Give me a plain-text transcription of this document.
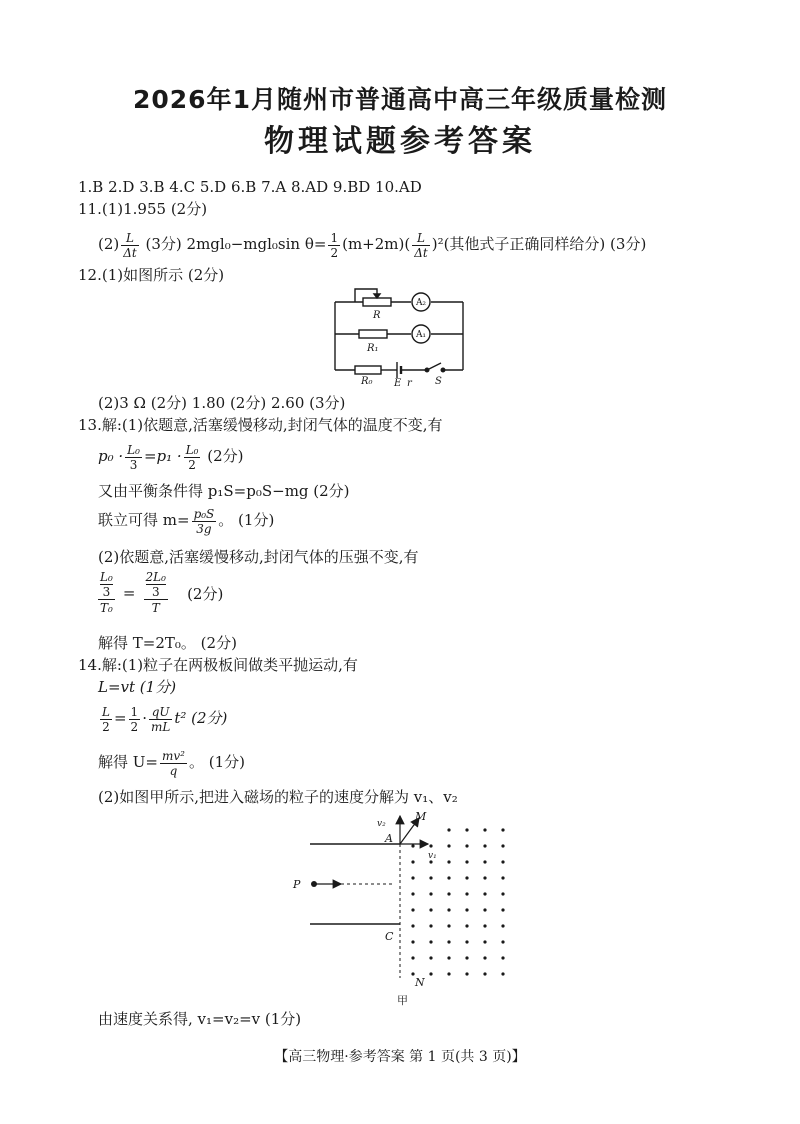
2026年1月随州市普通高中高三年级质量检测
物理试题参考答案
1.B 2.D 3.B 4.C 5.D 6.B 7.A 8.AD 9.BD 10.AD
11.(1)1.955 (2分)
$(2) \frac{L}{\Delta t} (3$分) 2mgl₀−mgl₀sin $\theta= \frac{1}{2} (m+2m)( \frac{L}{\Delta t} )^2$(其他式子正确同样给分) (3分)
12.(1)如图所示 (2分)
R
R₁
R₀ E r S
A₂
A₁
(2)3 Ω (2分) 1.80 (2分) 2.60 (3分)
13.解:(1)依题意,活塞缓慢移动,封闭气体的温度不变,有
$p_0 \cdot \frac{\text{L₀}}{3} =p_1 \cdot \frac{\text{L₀}}{2} (2$分)
又由平衡条件得 p₁S=p₀S−mg (2分)
联立可得 $m= \frac{\text{p₀S}}{3g}$ 。 (1分)
(2)依题意,活塞缓慢移动,封闭气体的压强不变,有
$\frac{\text{L₀}}{3}$
T₀
= $\frac{\text{2L₀}}{3}$
T
(2分)
解得 T=2T₀。 (2分)
14.解:(1)粒子在两极板间做类平抛运动,有
L=vt (1分)
$\frac{L}{2} = \frac{1}{2} \cdot \frac{qU}{mL} t^2$ (2分)
解得 $U= \frac{\text{mv²}}{q}$ 。 (1分)
(2)如图甲所示,把进入磁场的粒子的速度分解为 v₁、v₂
v₂
M
A
v₁
P
C
N
甲
由速度关系得, v₁=v₂=v (1分)
【高三物理·参考答案 第 1 页(共 3 页)】
